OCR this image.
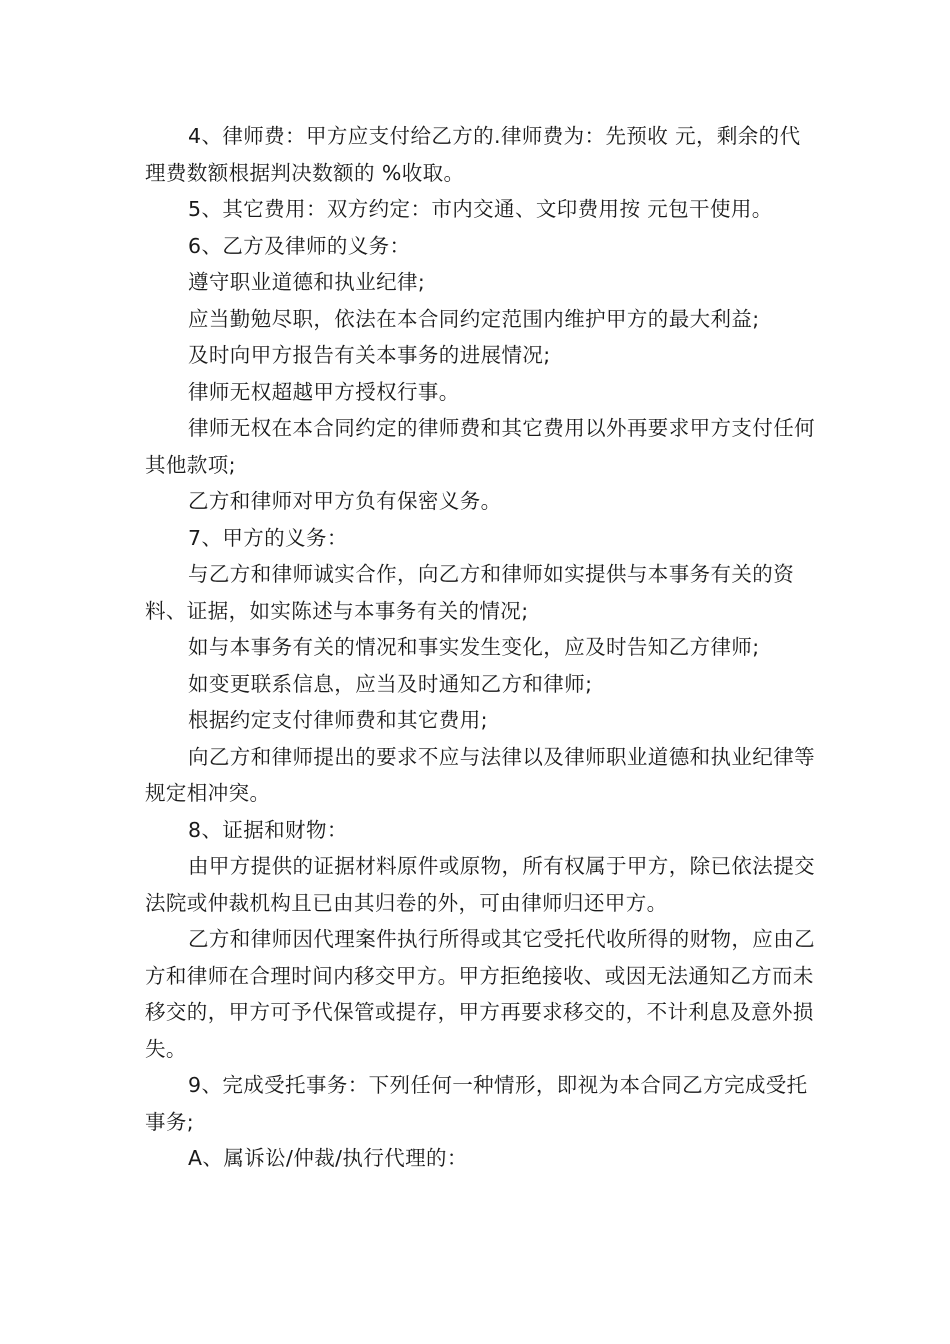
4、律师费：甲方应支付给乙方的.律师费为：先预收 元，剩余的代理费数额根据判决数额的 %收取。

5、其它费用：双方约定：市内交通、文印费用按 元包干使用。

6、乙方及律师的义务：

遵守职业道德和执业纪律;

应当勤勉尽职，依法在本合同约定范围内维护甲方的最大利益;

及时向甲方报告有关本事务的进展情况;

律师无权超越甲方授权行事。

律师无权在本合同约定的律师费和其它费用以外再要求甲方支付任何其他款项;

乙方和律师对甲方负有保密义务。

7、甲方的义务：

与乙方和律师诚实合作，向乙方和律师如实提供与本事务有关的资料、证据，如实陈述与本事务有关的情况;

如与本事务有关的情况和事实发生变化，应及时告知乙方律师;

如变更联系信息，应当及时通知乙方和律师;

根据约定支付律师费和其它费用;

向乙方和律师提出的要求不应与法律以及律师职业道德和执业纪律等规定相冲突。

8、证据和财物：

由甲方提供的证据材料原件或原物，所有权属于甲方，除已依法提交法院或仲裁机构且已由其归卷的外，可由律师归还甲方。

乙方和律师因代理案件执行所得或其它受托代收所得的财物，应由乙方和律师在合理时间内移交甲方。甲方拒绝接收、或因无法通知乙方而未移交的，甲方可予代保管或提存，甲方再要求移交的，不计利息及意外损失。

9、完成受托事务：下列任何一种情形，即视为本合同乙方完成受托事务;

A、属诉讼/仲裁/执行代理的：
